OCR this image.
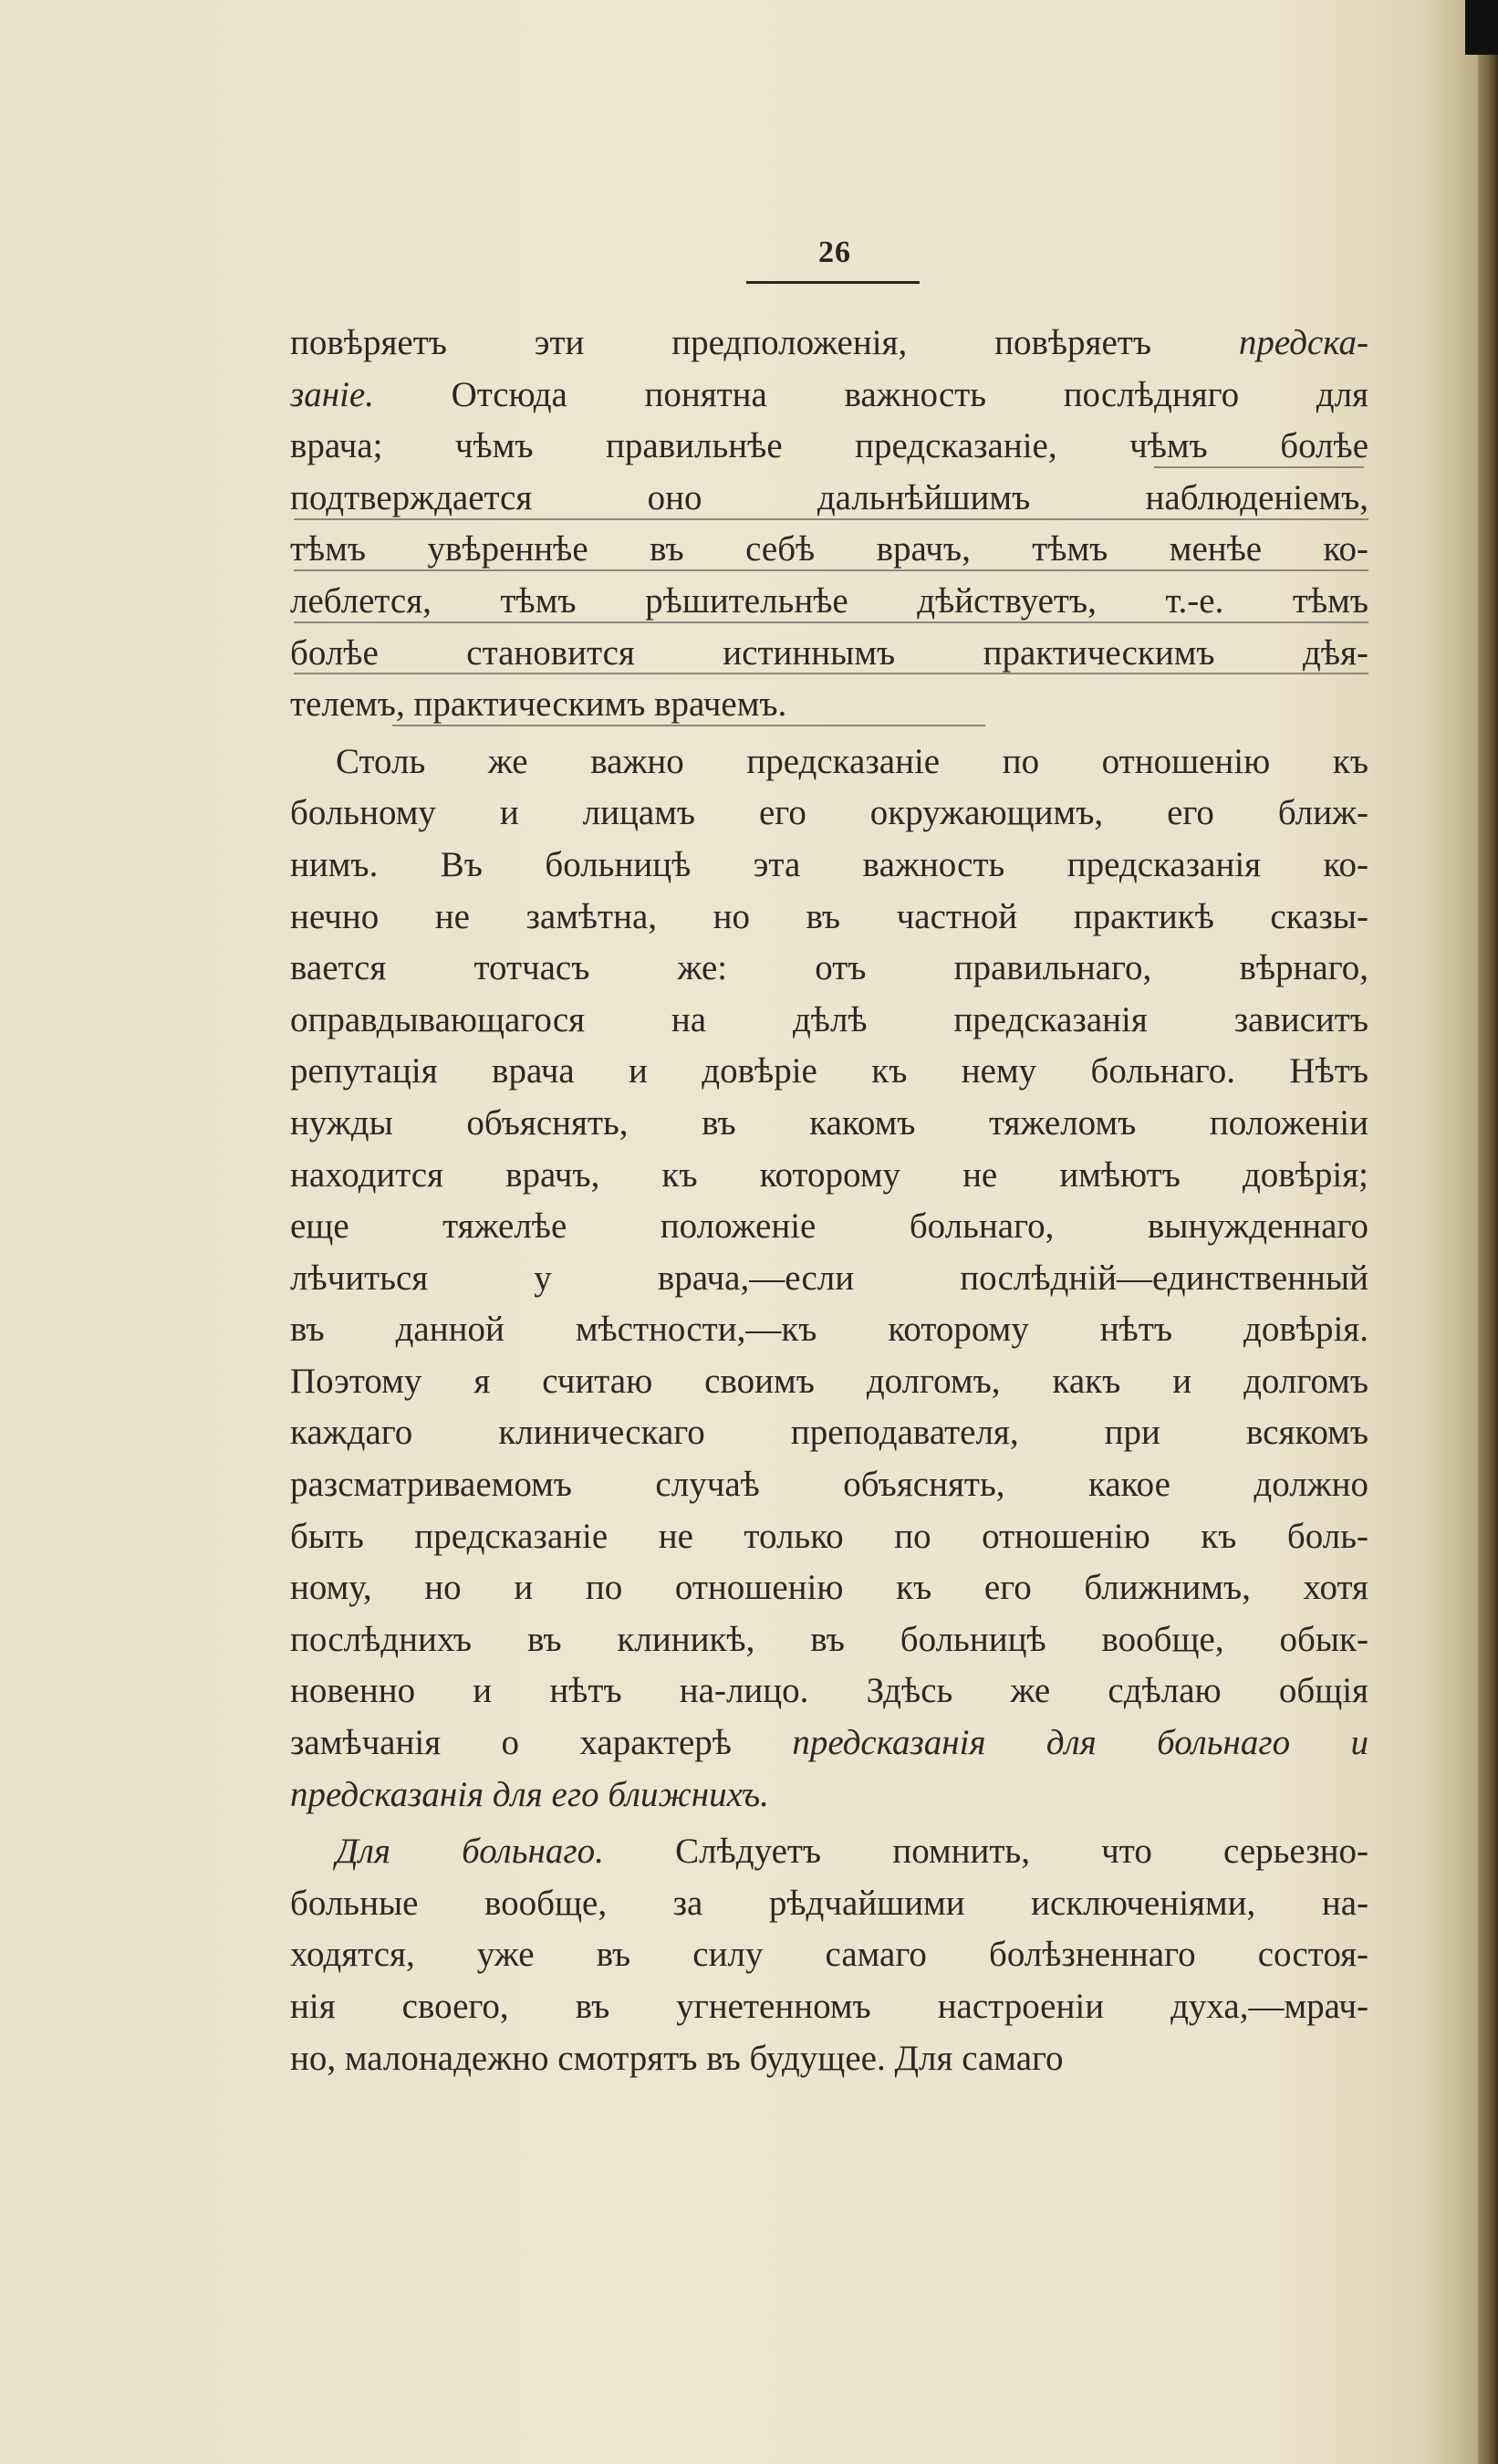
26
повѣряетъ эти предположенія, повѣряетъ предска-
заніе. Отсюда понятна важность послѣдняго для
врача; чѣмъ правильнѣе предсказаніе, чѣмъ болѣе
подтверждается оно дальнѣйшимъ наблюденіемъ,
тѣмъ увѣреннѣе въ себѣ врачъ, тѣмъ менѣе ко-
леблется, тѣмъ рѣшительнѣе дѣйствуетъ, т.-е. тѣмъ
болѣе становится истиннымъ практическимъ дѣя-
телемъ, практическимъ врачемъ.
Столь же важно предсказаніе по отношенію къ
больному и лицамъ его окружающимъ, его ближ-
нимъ. Въ больницѣ эта важность предсказанія ко-
нечно не замѣтна, но въ частной практикѣ сказы-
вается тотчасъ же: отъ правильнаго, вѣрнаго,
оправдывающагося на дѣлѣ предсказанія зависитъ
репутація врача и довѣріе къ нему больнаго. Нѣтъ
нужды объяснять, въ какомъ тяжеломъ положеніи
находится врачъ, къ которому не имѣютъ довѣрія;
еще тяжелѣе положеніе больнаго, вынужденнаго
лѣчиться у врача,—если послѣдній—единственный
въ данной мѣстности,—къ которому нѣтъ довѣрія.
Поэтому я считаю своимъ долгомъ, какъ и долгомъ
каждаго клиническаго преподавателя, при всякомъ
разсматриваемомъ случаѣ объяснять, какое должно
быть предсказаніе не только по отношенію къ боль-
ному, но и по отношенію къ его ближнимъ, хотя
послѣднихъ въ клиникѣ, въ больницѣ вообще, обык-
новенно и нѣтъ на-лицо. Здѣсь же сдѣлаю общія
замѣчанія о характерѣ предсказанія для больнаго и
предсказанія для его ближнихъ.
Для больнаго. Слѣдуетъ помнить, что серьезно-
больные вообще, за рѣдчайшими исключеніями, на-
ходятся, уже въ силу самаго болѣзненнаго состоя-
нія своего, въ угнетенномъ настроеніи духа,—мрач-
но, малонадежно смотрятъ въ будущее. Для самаго
